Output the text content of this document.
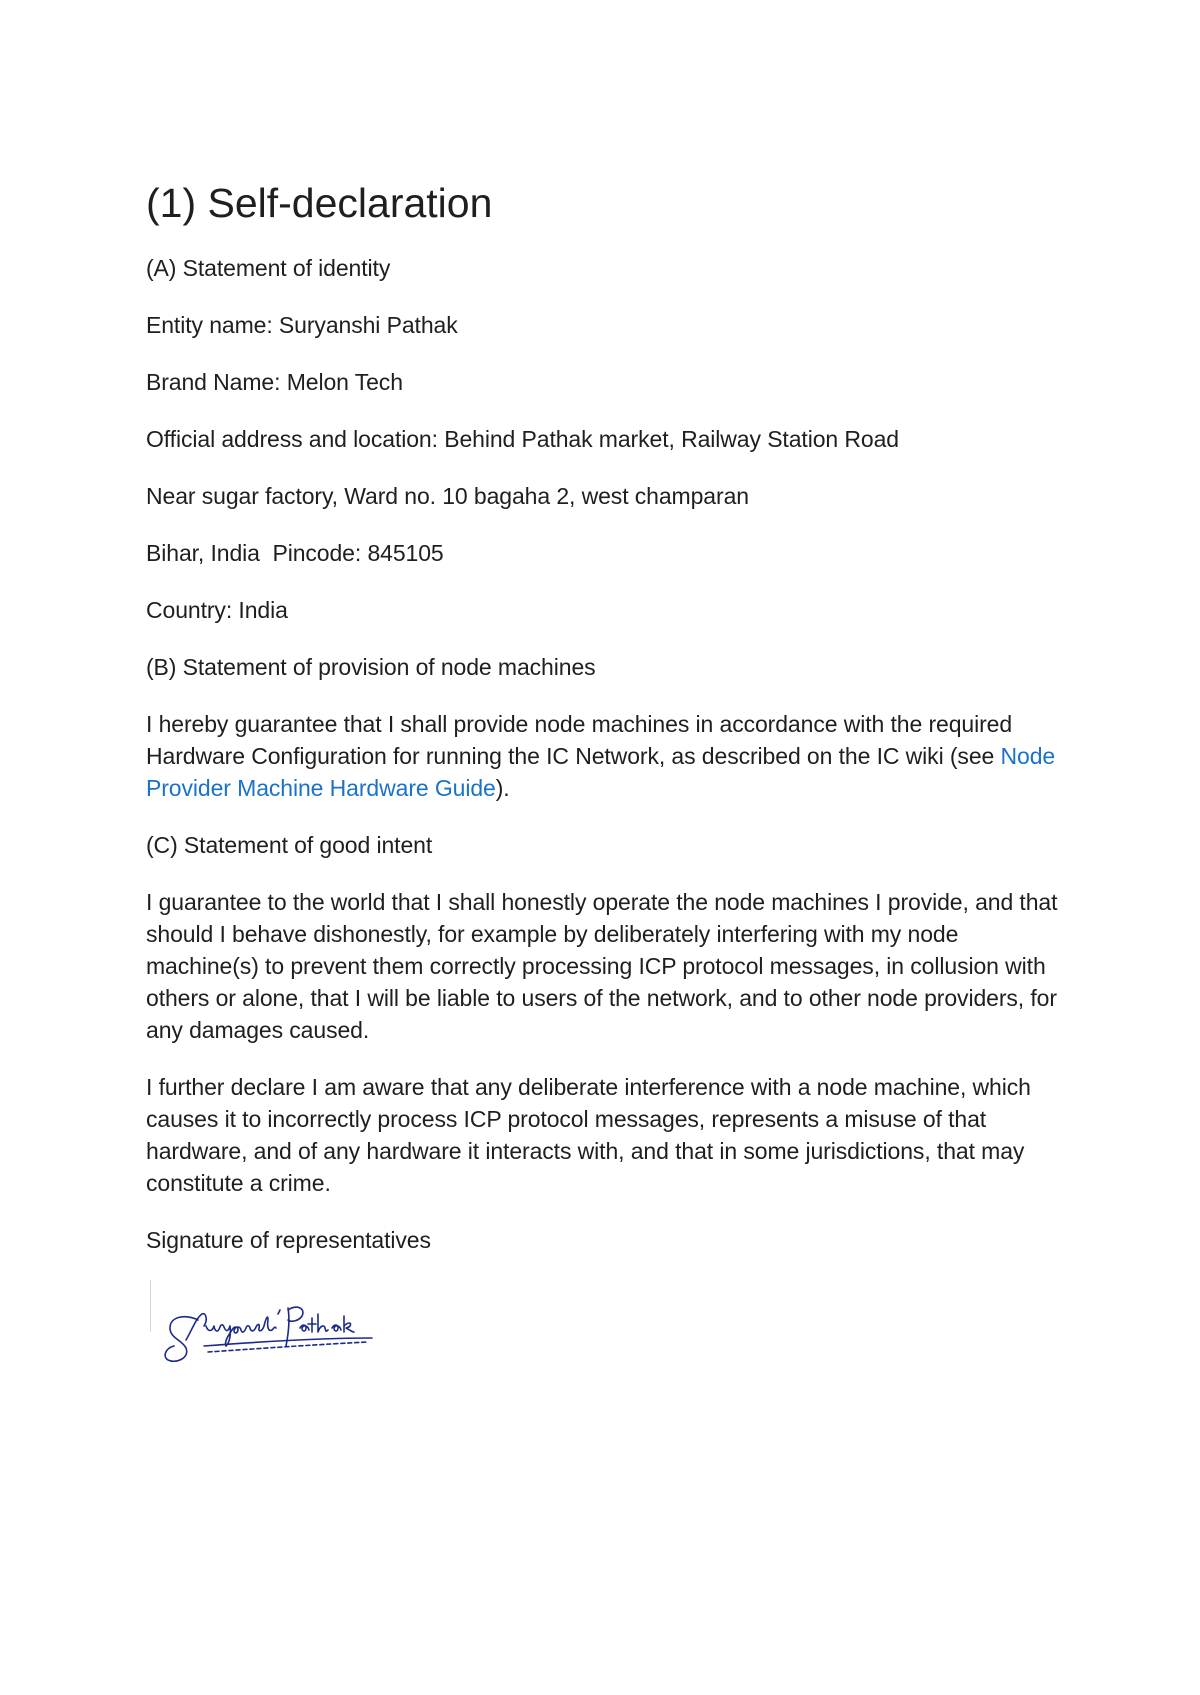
(1) Self-declaration

(A) Statement of identity

Entity name: Suryanshi Pathak

Brand Name: Melon Tech

Official address and location: Behind Pathak market, Railway Station Road

Near sugar factory, Ward no. 10 bagaha 2, west champaran

Bihar, India  Pincode: 845105

Country: India

(B) Statement of provision of node machines

I hereby guarantee that I shall provide node machines in accordance with the required Hardware Configuration for running the IC Network, as described on the IC wiki (see Node Provider Machine Hardware Guide).

(C) Statement of good intent

I guarantee to the world that I shall honestly operate the node machines I provide, and that should I behave dishonestly, for example by deliberately interfering with my node machine(s) to prevent them correctly processing ICP protocol messages, in collusion with others or alone, that I will be liable to users of the network, and to other node providers, for any damages caused.

I further declare I am aware that any deliberate interference with a node machine, which causes it to incorrectly process ICP protocol messages, represents a misuse of that hardware, and of any hardware it interacts with, and that in some jurisdictions, that may constitute a crime.

Signature of representatives
